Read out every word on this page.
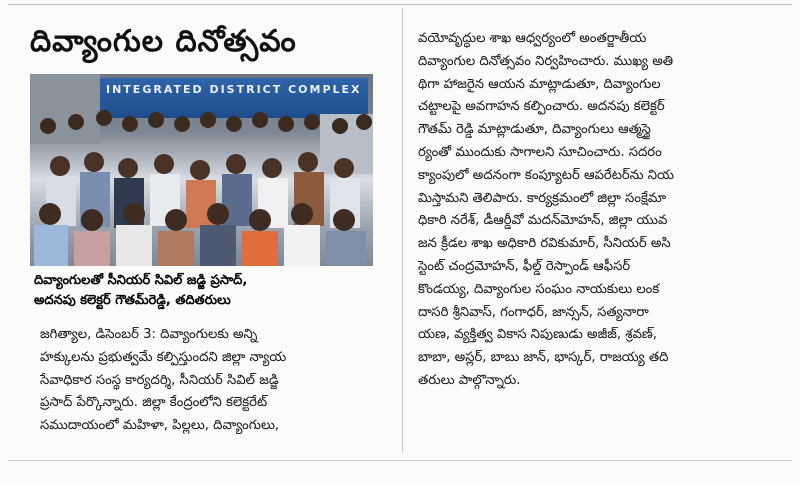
దివ్యాంగుల దినోత్సవం
INTEGRATED DISTRICT COMPLEX
దివ్యాంగులతో సీనియర్ సివిల్ జడ్జి ప్రసాద్,
అదనపు కలెక్టర్ గౌతమ్‌రెడ్డి, తదితరులు
జగిత్యాల, డిసెంబర్ 3: దివ్యాంగులకు అన్ని
హక్కులను ప్రభుత్వమే కల్పిస్తుందని జిల్లా న్యాయ
సేవాధికార సంస్థ కార్యదర్శి, సీనియర్ సివిల్ జడ్జి
ప్రసాద్ పేర్కొన్నారు. జిల్లా కేంద్రంలోని కలెక్టరేట్
సముదాయంలో మహిళా, పిల్లలు, దివ్యాంగులు,
వయోవృద్ధుల శాఖ ఆధ్వర్యంలో అంతర్జాతీయ
దివ్యాంగుల దినోత్సవం నిర్వహించారు. ముఖ్య అతి
థిగా హాజరైన ఆయన మాట్లాడుతూ, దివ్యాంగుల
చట్టాలపై అవగాహన కల్పించారు. అదనపు కలెక్టర్
గౌతమ్ రెడ్డి మాట్లాడుతూ, దివ్యాంగులు ఆత్మస్థై
ర్యంతో ముందుకు సాగాలని సూచించారు. సదరం
క్యాంపులో అదనంగా కంప్యూటర్ ఆపరేటర్‌ను నియ
మిస్తామని తెలిపారు. కార్యక్రమంలో జిల్లా సంక్షేమా
ధికారి నరేశ్, డీఆర్డీవో మదన్‌మోహన్, జిల్లా యువ
జన క్రీడల శాఖ అధికారి రవికుమార్, సీనియర్ అసి
స్టెంట్ చంద్రమోహన్, ఫీల్డ్ రెస్పాండ్ ఆఫీసర్
కొండయ్య, దివ్యాంగుల సంఘం నాయకులు లంక
దాసరి శ్రీనివాస్, గంగాధర్, జాన్సన్, సత్యనారా
యణ, వ్యక్తిత్వ వికాస నిపుణుడు అజీజ్, శ్రవణ్,
బాబా, అస్లర్, బాబు జాన్, భాస్కర్, రాజయ్య తది
తరులు పాల్గొన్నారు.
